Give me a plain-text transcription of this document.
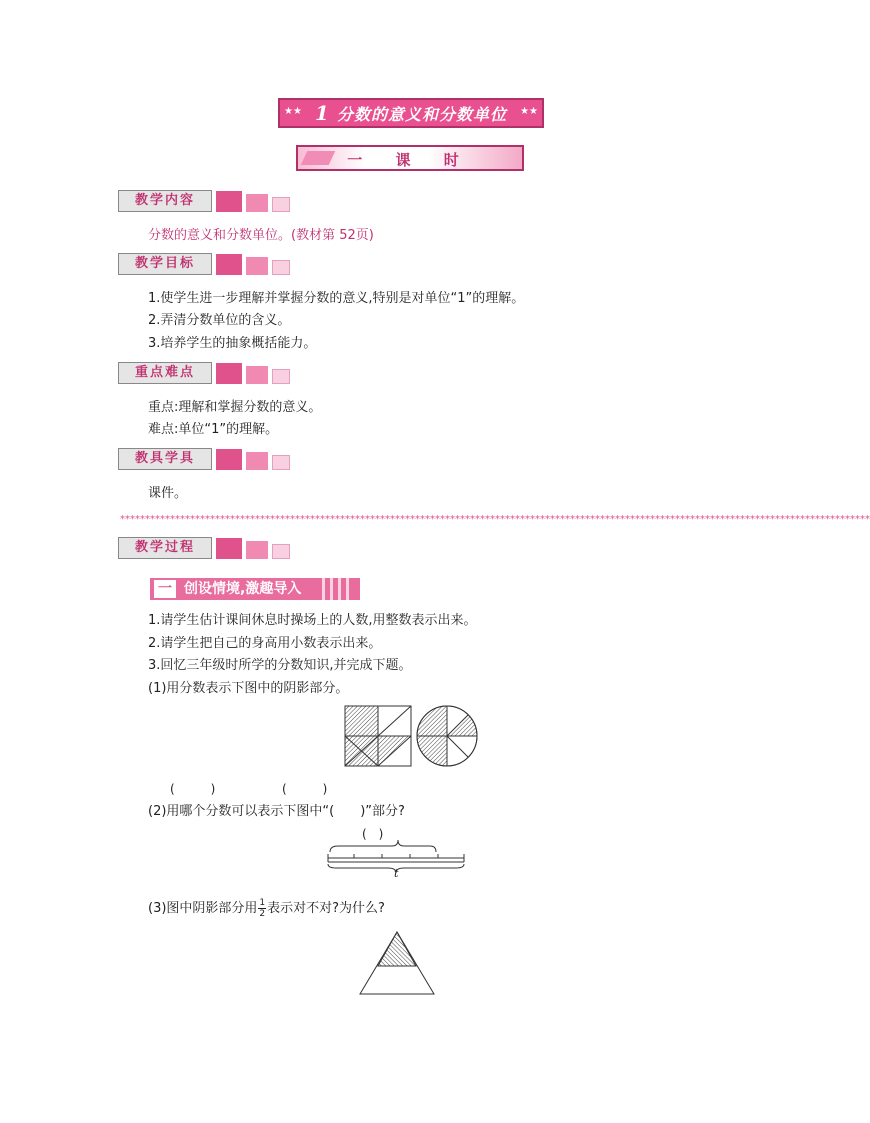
★★ 1 分数的意义和分数单位 ★★
一 课 时
教学内容
分数的意义和分数单位。(教材第 52页)
教学目标
1.使学生进一步理解并掌握分数的意义,特别是对单位“1”的理解。
2.弄清分数单位的含义。
3.培养学生的抽象概括能力。
重点难点
重点:理解和掌握分数的意义。
难点:单位“1”的理解。
教具学具
课件。
******************************************************************************************************************************************************
教学过程
一 创设情境,激趣导入
1.请学生估计课间休息时操场上的人数,用整数表示出来。
2.请学生把自己的身高用小数表示出来。
3.回忆三年级时所学的分数知识,并完成下题。
(1)用分数表示下图中的阴影部分。
(　　　)	(　　　)
(2)用哪个分数可以表示下图中“(　　)”部分?
(　)
t
(3)图中阴影部分用 $\frac{1}{2}$ 表示对不对?为什么?
